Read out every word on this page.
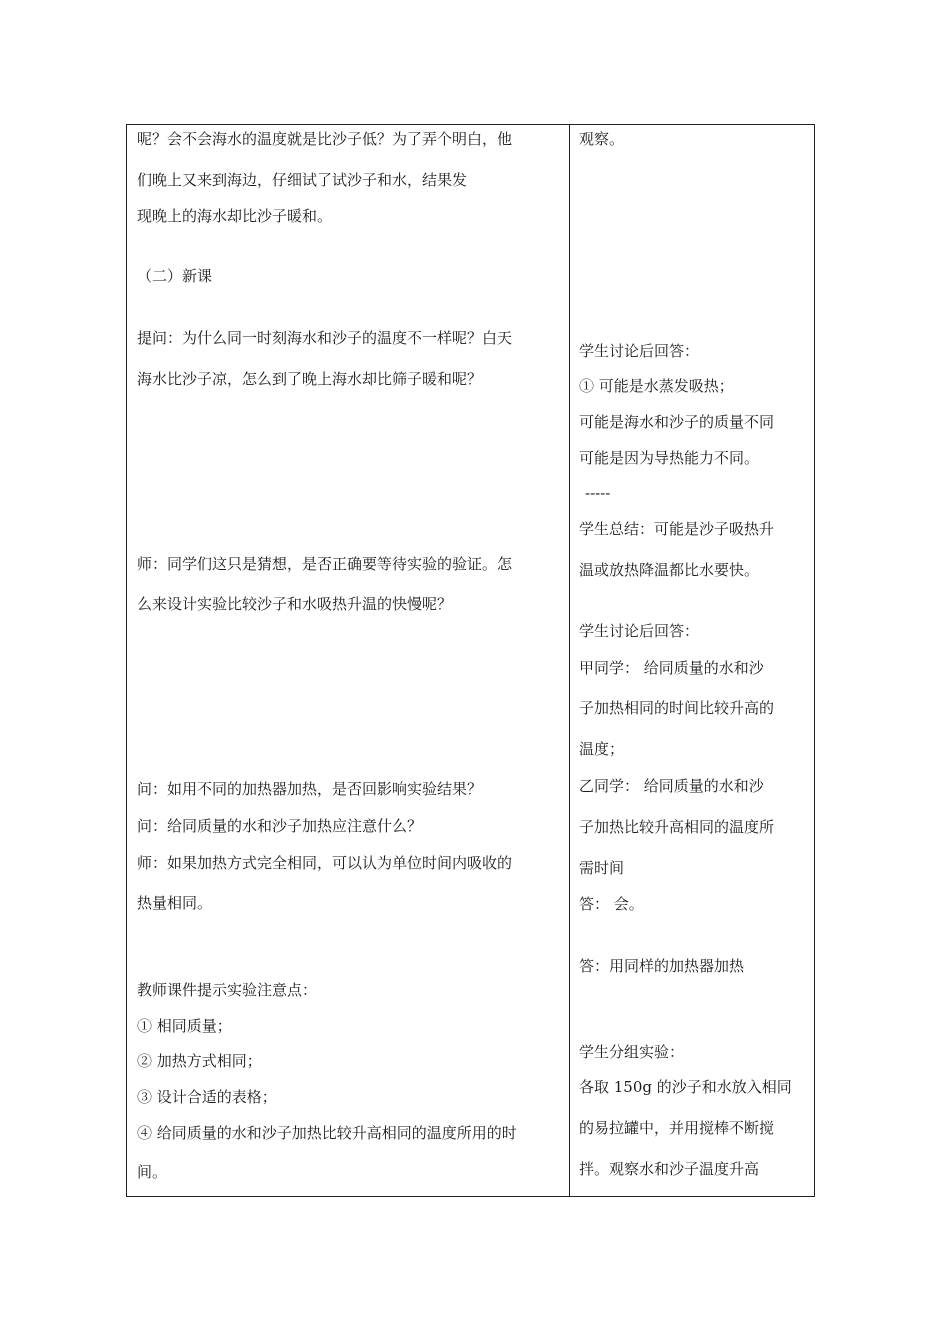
呢？会不会海水的温度就是比沙子低？为了弄个明白，他
们晚上又来到海边，仔细试了试沙子和水，结果发
现晚上的海水却比沙子暖和。
（二）新课
提问：为什么同一时刻海水和沙子的温度不一样呢？白天
海水比沙子凉，怎么到了晚上海水却比筛子暖和呢？
师：同学们这只是猜想，是否正确要等待实验的验证。怎
么来设计实验比较沙子和水吸热升温的快慢呢？
问：如用不同的加热器加热，是否回影响实验结果？
问：给同质量的水和沙子加热应注意什么？
师：如果加热方式完全相同，可以认为单位时间内吸收的
热量相同。
教师课件提示实验注意点：
① 相同质量；
② 加热方式相同；
③ 设计合适的表格；
④ 给同质量的水和沙子加热比较升高相同的温度所用的时
间。
观察。
学生讨论后回答：
① 可能是水蒸发吸热；
可能是海水和沙子的质量不同
可能是因为导热能力不同。
-----
学生总结：可能是沙子吸热升
温或放热降温都比水要快。
学生讨论后回答：
甲同学： 给同质量的水和沙
子加热相同的时间比较升高的
温度；
乙同学： 给同质量的水和沙
子加热比较升高相同的温度所
需时间
答： 会。
答：用同样的加热器加热
学生分组实验：
各取 150g 的沙子和水放入相同
的易拉罐中，并用搅棒不断搅
拌。观察水和沙子温度升高
